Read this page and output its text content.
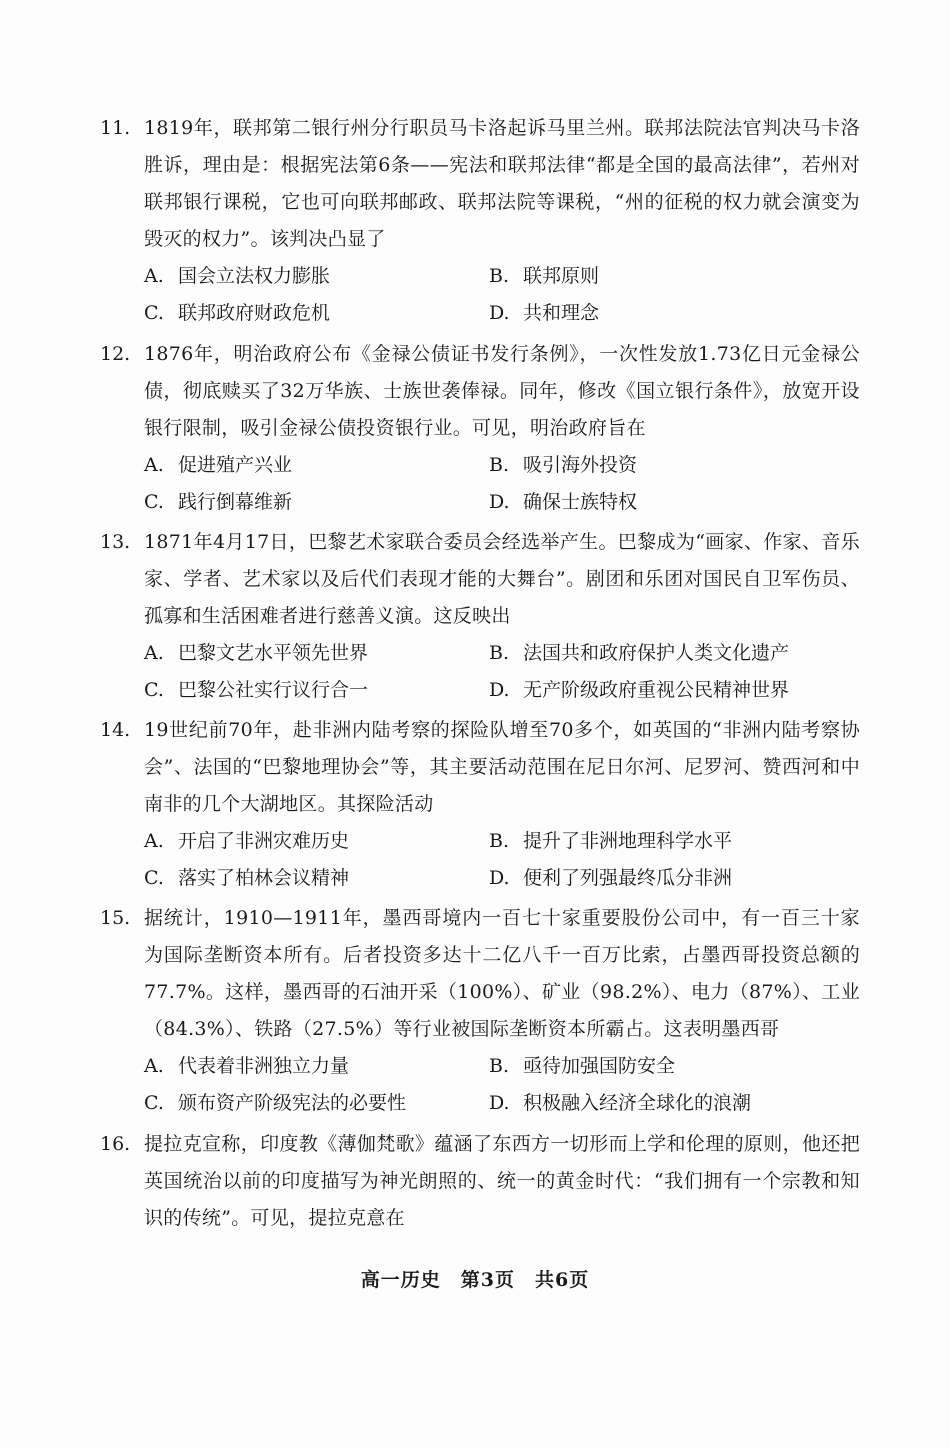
11. 1819年，联邦第二银行州分行职员马卡洛起诉马里兰州。联邦法院法官判决马卡洛胜诉，理由是：根据宪法第6条——宪法和联邦法律“都是全国的最高法律”，若州对联邦银行课税，它也可向联邦邮政、联邦法院等课税，“州的征税的权力就会演变为毁灭的权力”。该判决凸显了
A. 国会立法权力膨胀	B. 联邦原则
C. 联邦政府财政危机	D. 共和理念
12. 1876年，明治政府公布《金禄公债证书发行条例》，一次性发放1.73亿日元金禄公债，彻底赎买了32万华族、士族世袭俸禄。同年，修改《国立银行条件》，放宽开设银行限制，吸引金禄公债投资银行业。可见，明治政府旨在
A. 促进殖产兴业	B. 吸引海外投资
C. 践行倒幕维新	D. 确保士族特权
13. 1871年4月17日，巴黎艺术家联合委员会经选举产生。巴黎成为“画家、作家、音乐家、学者、艺术家以及后代们表现才能的大舞台”。剧团和乐团对国民自卫军伤员、孤寡和生活困难者进行慈善义演。这反映出
A. 巴黎文艺水平领先世界	B. 法国共和政府保护人类文化遗产
C. 巴黎公社实行议行合一	D. 无产阶级政府重视公民精神世界
14. 19世纪前70年，赴非洲内陆考察的探险队增至70多个，如英国的“非洲内陆考察协会”、法国的“巴黎地理协会”等，其主要活动范围在尼日尔河、尼罗河、赞西河和中南非的几个大湖地区。其探险活动
A. 开启了非洲灾难历史	B. 提升了非洲地理科学水平
C. 落实了柏林会议精神	D. 便利了列强最终瓜分非洲
15. 据统计，1910—1911年，墨西哥境内一百七十家重要股份公司中，有一百三十家为国际垄断资本所有。后者投资多达十二亿八千一百万比索，占墨西哥投资总额的77.7%。这样，墨西哥的石油开采（100%）、矿业（98.2%）、电力（87%）、工业（84.3%）、铁路（27.5%）等行业被国际垄断资本所霸占。这表明墨西哥
A. 代表着非洲独立力量	B. 亟待加强国防安全
C. 颁布资产阶级宪法的必要性	D. 积极融入经济全球化的浪潮
16. 提拉克宣称，印度教《薄伽梵歌》蕴涵了东西方一切形而上学和伦理的原则，他还把英国统治以前的印度描写为神光朗照的、统一的黄金时代：“我们拥有一个宗教和知识的传统”。可见，提拉克意在
高一历史　第3页　共6页
